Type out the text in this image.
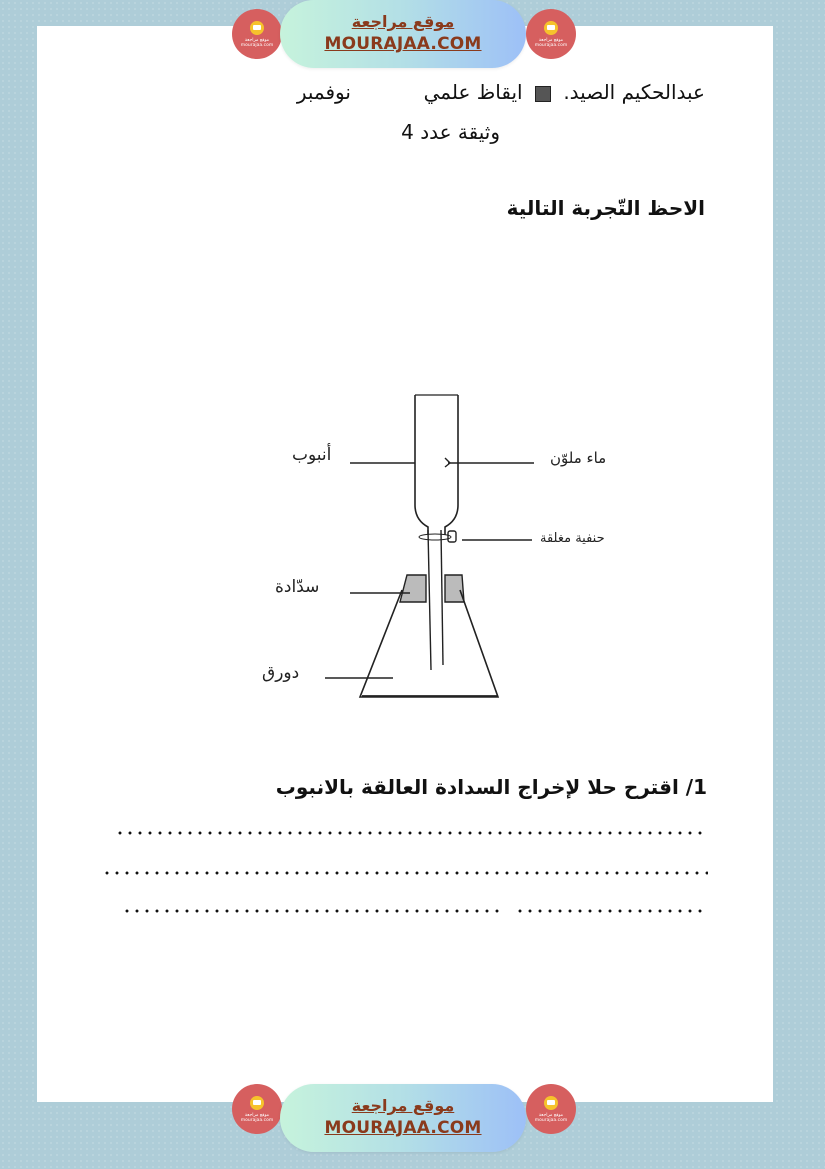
موقع مراجعة
mourajaa.com
موقع مراجعة
MOURAJAA.COM	موقع مراجعة
mourajaa.com
عبدالحكيم الصيد.  ايقاظ علمي  نوفمبر
وثيقة عدد 4
الاحظ التّجربة التالية
أنبوب	ماء ملوّن
حنفية مغلقة
سدّادة
دورق
1/ اقترح حلا لإخراج السدادة العالقة بالانبوب
موقع مراجعة
mourajaa.com
موقع مراجعة
MOURAJAA.COM
موقع مراجعة
mourajaa.com
